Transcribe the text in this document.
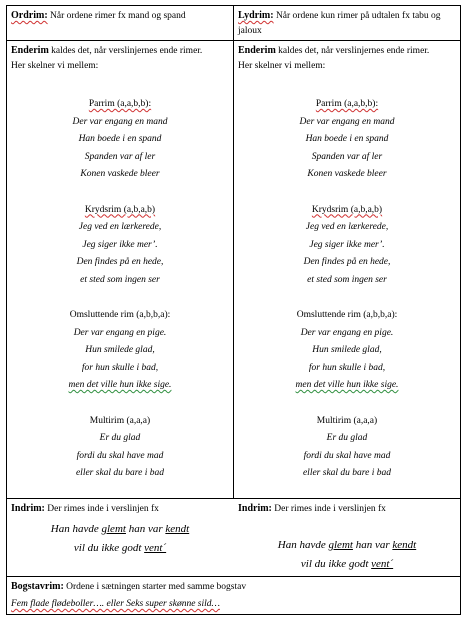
Ordrim: Når ordene rimer fx mand og spand	Lydrim: Når ordene kun rimer på udtalen fx tabu og jaloux
Enderim kaldes det, når verslinjernes ende rimer.
Her skelner vi mellem:
Parrim (a,a,b,b):
Der var engang en mand
Han boede i en spand
Spanden var af ler
Konen vaskede bleer
Krydsrim (a,b,a,b)
Jeg ved en lærkerede,
Jeg siger ikke mer’.
Den findes på en hede,
et sted som ingen ser
Omsluttende rim (a,b,b,a):
Der var engang en pige.
Hun smilede glad,
for hun skulle i bad,
men det ville hun ikke sige.
Multirim (a,a,a)
Er du glad
fordi du skal have mad
eller skal du bare i bad
Enderim kaldes det, når verslinjernes ende rimer.
Her skelner vi mellem:
Parrim (a,a,b,b):
Der var engang en mand
Han boede i en spand
Spanden var af ler
Konen vaskede bleer
Krydsrim (a,b,a,b)
Jeg ved en lærkerede,
Jeg siger ikke mer’.
Den findes på en hede,
et sted som ingen ser
Omsluttende rim (a,b,b,a):
Der var engang en pige.
Hun smilede glad,
for hun skulle i bad,
men det ville hun ikke sige.
Multirim (a,a,a)
Er du glad
fordi du skal have mad
eller skal du bare i bad
Indrim: Der rimes inde i verslinjen fx
Han havde glemt han var kendt
vil du ikke godt vent´
Indrim: Der rimes inde i verslinjen fx
Han havde glemt han var kendt
vil du ikke godt vent´
Bogstavrim: Ordene i sætningen starter med samme bogstav
Fem flade flødeboller…. eller Seks super skønne sild…
